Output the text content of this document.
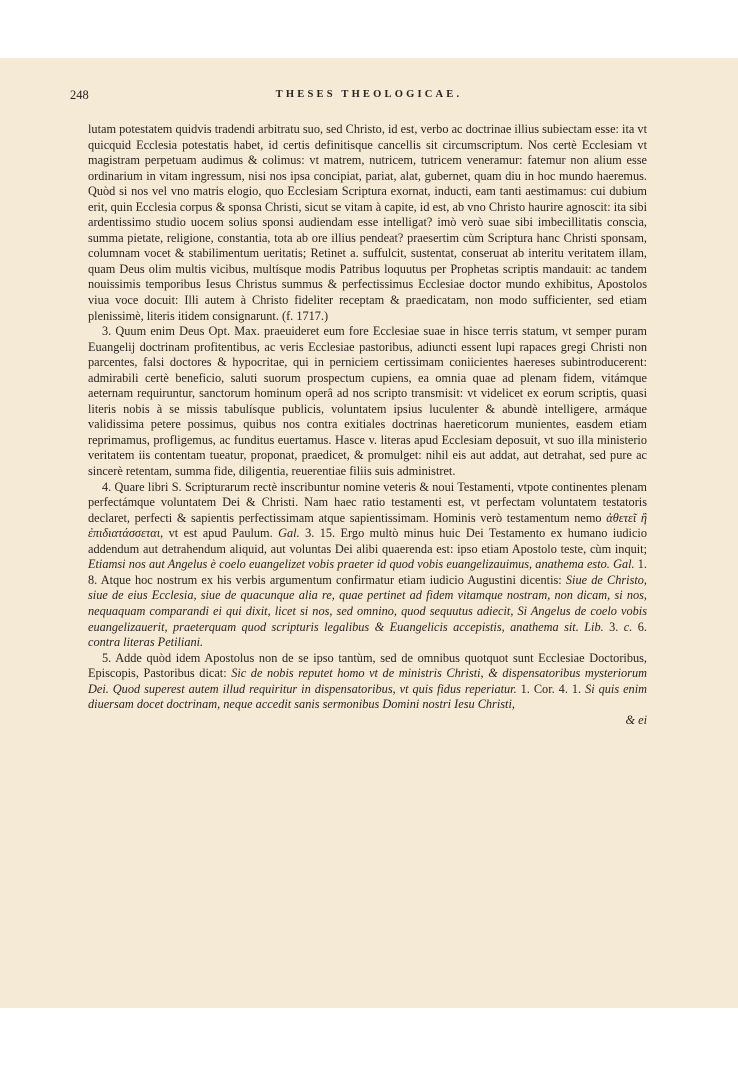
248	THESES THEOLOGICAE.

lutam potestatem quidvis tradendi arbitratu suo, sed Christo, id est, verbo ac doctrinae illius subiectam esse: ita vt quicquid Ecclesia potestatis habet, id certis definitisque cancellis sit circumscriptum. Nos certè Ecclesiam vt magistram perpetuam audimus & colimus: vt matrem, nutricem, tutricem veneramur: fatemur non alium esse ordinarium in vitam ingressum, nisi nos ipsa concipiat, pariat, alat, gubernet, quam diu in hoc mundo haeremus. Quòd si nos vel vno matris elogio, quo Ecclesiam Scriptura exornat, inducti, eam tanti aestimamus: cui dubium erit, quin Ecclesia corpus & sponsa Christi, sicut se vitam à capite, id est, ab vno Christo haurire agnoscit: ita sibi ardentissimo studio uocem solius sponsi audiendam esse intelligat? imò verò suae sibi imbecillitatis conscia, summa pietate, religione, constantia, tota ab ore illius pendeat? praesertim cùm Scriptura hanc Christi sponsam, columnam vocet & stabilimentum ueritatis; Retinet a. suffulcit, sustentat, conseruat ab interitu veritatem illam, quam Deus olim multis vicibus, multísque modis Patribus loquutus per Prophetas scriptis mandauit: ac tandem nouissimis temporibus Iesus Christus summus & perfectissimus Ecclesiae doctor mundo exhibitus, Apostolos viua voce docuit: Illi autem à Christo fideliter receptam & praedicatam, non modo sufficienter, sed etiam plenissimè, literis itidem consignarunt. (f. 1717.)

3. Quum enim Deus Opt. Max. praeuideret eum fore Ecclesiae suae in hisce terris statum, vt semper puram Euangelij doctrinam profitentibus, ac veris Ecclesiae pastoribus, adiuncti essent lupi rapaces gregi Christi non parcentes, falsi doctores & hypocritae, qui in perniciem certissimam coniicientes haereses subintroducerent: admirabili certè beneficio, saluti suorum prospectum cupiens, ea omnia quae ad plenam fidem, vitámque aeternam requiruntur, sanctorum hominum operâ ad nos scripto transmisit: vt videlicet ex eorum scriptis, quasi literis nobis à se missis tabulísque publicis, voluntatem ipsius luculenter & abundè intelligere, armáque validissima petere possimus, quibus nos contra exitiales doctrinas haereticorum munientes, easdem etiam reprimamus, profligemus, ac funditus euertamus. Hasce v. literas apud Ecclesiam deposuit, vt suo illa ministerio veritatem iis contentam tueatur, proponat, praedicet, & promulget: nihil eis aut addat, aut detrahat, sed pure ac sincerè retentam, summa fide, diligentia, reuerentiae filiis suis administret.

4. Quare libri S. Scripturarum rectè inscribuntur nomine veteris & noui Testamenti, vtpote continentes plenam perfectámque voluntatem Dei & Christi. Nam haec ratio testamenti est, vt perfectam voluntatem testatoris declaret, perfecti & sapientis perfectissimam atque sapientissimam. Hominis verò testamentum nemo ἀθετεῖ ἢ ἐπιδιατάσσεται, vt est apud Paulum. Gal. 3. 15. Ergo multò minus huic Dei Testamento ex humano iudicio addendum aut detrahendum aliquid, aut voluntas Dei alibi quaerenda est: ipso etiam Apostolo teste, cùm inquit; Etiamsi nos aut Angelus è coelo euangelizet vobis praeter id quod vobis euangelizauimus, anathema esto. Gal. 1. 8. Atque hoc nostrum ex his verbis argumentum confirmatur etiam iudicio Augustini dicentis: Siue de Christo, siue de eius Ecclesia, siue de quacunque alia re, quae pertinet ad fidem vitamque nostram, non dicam, si nos, nequaquam comparandi ei qui dixit, licet si nos, sed omnino, quod sequutus adiecit, Si Angelus de coelo vobis euangelizauerit, praeterquam quod scripturis legalibus & Euangelicis accepistis, anathema sit. Lib. 3. c. 6. contra literas Petiliani.

5. Adde quòd idem Apostolus non de se ipso tantùm, sed de omnibus quotquot sunt Ecclesiae Doctoribus, Episcopis, Pastoribus dicat: Sic de nobis reputet homo vt de ministris Christi, & dispensatoribus mysteriorum Dei. Quod superest autem illud requiritur in dispensatoribus, vt quis fidus reperiatur. 1. Cor. 4. 1. Si quis enim diuersam docet doctrinam, neque accedit sanis sermonibus Domini nostri Iesu Christi,

& ei
